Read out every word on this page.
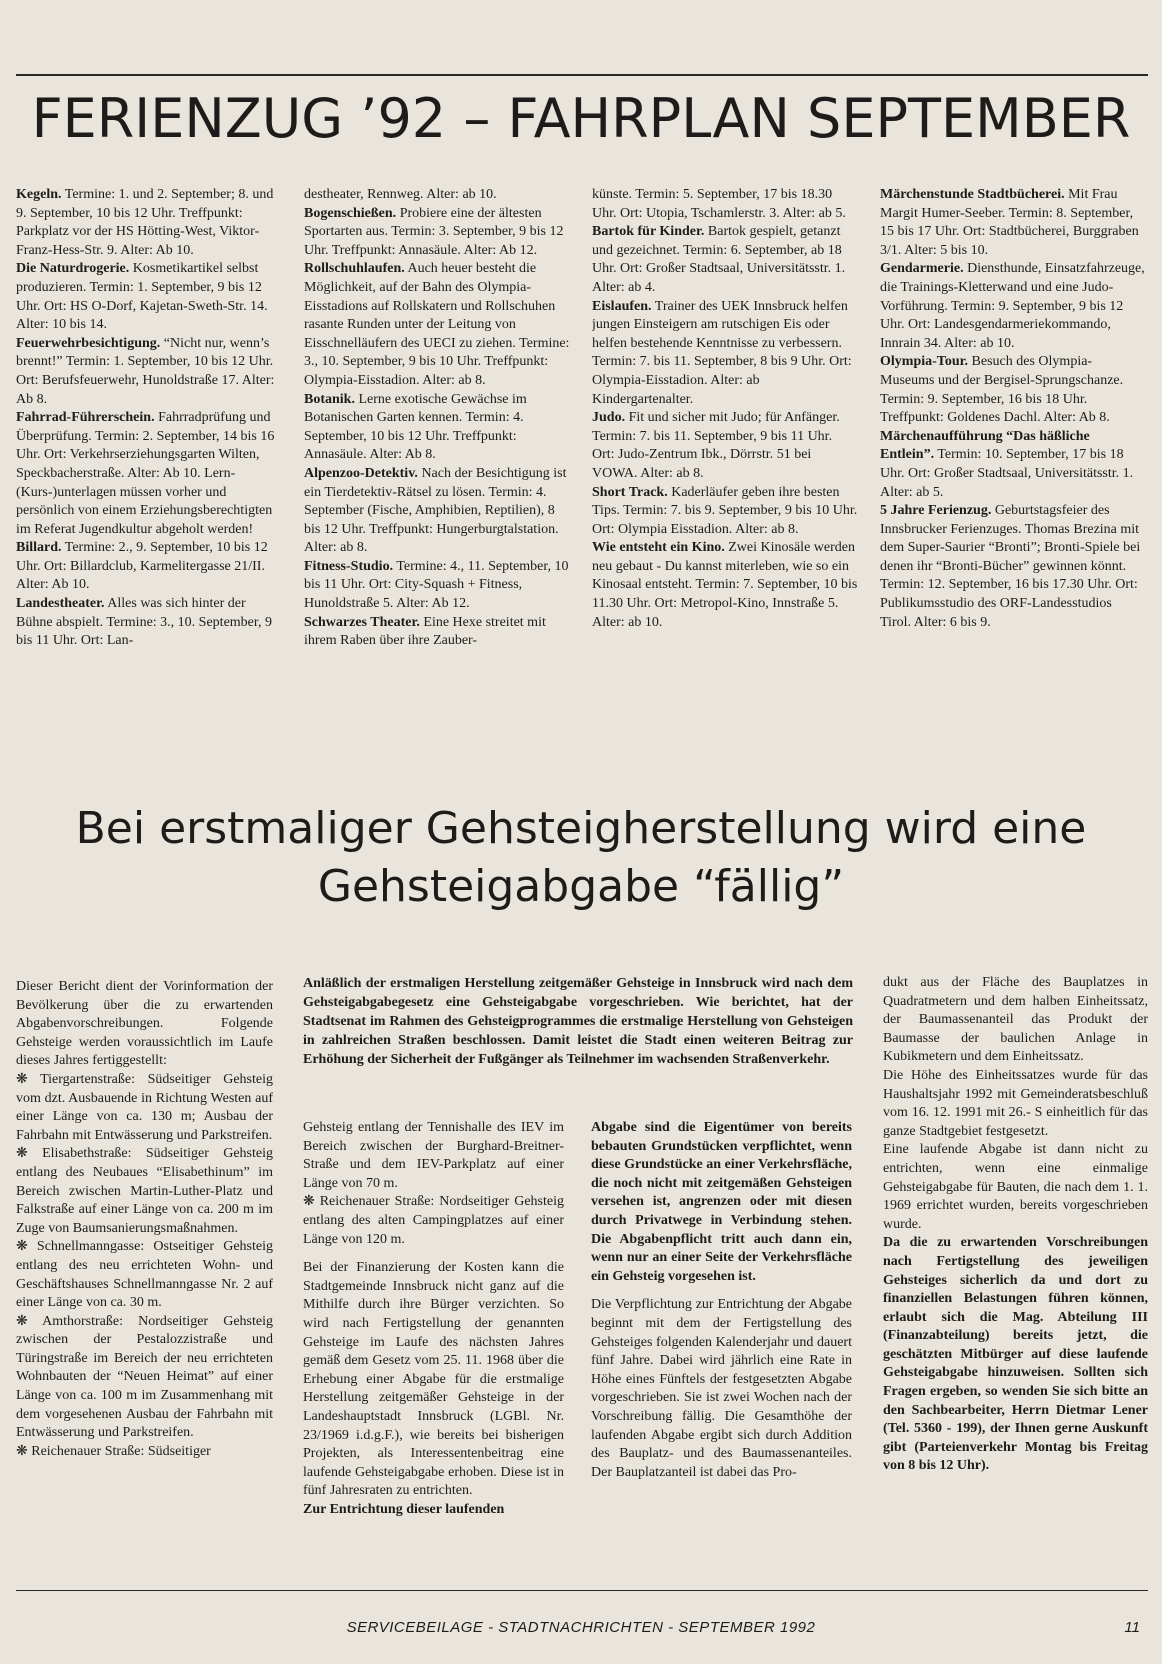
FERIENZUG ’92 – FAHRPLAN SEPTEMBER

Kegeln. Termine: 1. und 2. September; 8. und 9. September, 10 bis 12 Uhr. Treffpunkt: Parkplatz vor der HS Hötting-West, Viktor-Franz-Hess-Str. 9. Alter: Ab 10.

Die Naturdrogerie. Kosmetikartikel selbst produzieren. Termin: 1. September, 9 bis 12 Uhr. Ort: HS O-Dorf, Kajetan-Sweth-Str. 14. Alter: 10 bis 14.

Feuerwehrbesichtigung. “Nicht nur, wenn’s brennt!” Termin: 1. September, 10 bis 12 Uhr. Ort: Berufsfeuerwehr, Hunoldstraße 17. Alter: Ab 8.

Fahrrad-Führerschein. Fahrradprüfung und Überprüfung. Termin: 2. September, 14 bis 16 Uhr. Ort: Verkehrserziehungsgarten Wilten, Speckbacherstraße. Alter: Ab 10. Lern-(Kurs-)unterlagen müssen vorher und persönlich von einem Erziehungsberechtigten im Referat Jugendkultur abgeholt werden!

Billard. Termine: 2., 9. September, 10 bis 12 Uhr. Ort: Billardclub, Karmelitergasse 21/II. Alter: Ab 10.

Landestheater. Alles was sich hinter der Bühne abspielt. Termine: 3., 10. September, 9 bis 11 Uhr. Ort: Lan-

destheater, Rennweg. Alter: ab 10.

Bogenschießen. Probiere eine der ältesten Sportarten aus. Termin: 3. September, 9 bis 12 Uhr. Treffpunkt: Annasäule. Alter: Ab 12.

Rollschuhlaufen. Auch heuer besteht die Möglichkeit, auf der Bahn des Olympia-Eisstadions auf Rollskatern und Rollschuhen rasante Runden unter der Leitung von Eisschnelläufern des UECI zu ziehen. Termine: 3., 10. September, 9 bis 10 Uhr. Treffpunkt: Olympia-Eisstadion. Alter: ab 8.

Botanik. Lerne exotische Gewächse im Botanischen Garten kennen. Termin: 4. September, 10 bis 12 Uhr. Treffpunkt: Annasäule. Alter: Ab 8.

Alpenzoo-Detektiv. Nach der Besichtigung ist ein Tierdetektiv-Rätsel zu lösen. Termin: 4. September (Fische, Amphibien, Reptilien), 8 bis 12 Uhr. Treffpunkt: Hungerburgtalstation. Alter: ab 8.

Fitness-Studio. Termine: 4., 11. September, 10 bis 11 Uhr. Ort: City-Squash + Fitness, Hunoldstraße 5. Alter: Ab 12.

Schwarzes Theater. Eine Hexe streitet mit ihrem Raben über ihre Zauber-

künste. Termin: 5. September, 17 bis 18.30 Uhr. Ort: Utopia, Tschamlerstr. 3. Alter: ab 5.

Bartok für Kinder. Bartok gespielt, getanzt und gezeichnet. Termin: 6. September, ab 18 Uhr. Ort: Großer Stadtsaal, Universitätsstr. 1. Alter: ab 4.

Eislaufen. Trainer des UEK Innsbruck helfen jungen Einsteigern am rutschigen Eis oder helfen bestehende Kenntnisse zu verbessern. Termin: 7. bis 11. September, 8 bis 9 Uhr. Ort: Olympia-Eisstadion. Alter: ab Kindergartenalter.

Judo. Fit und sicher mit Judo; für Anfänger. Termin: 7. bis 11. September, 9 bis 11 Uhr. Ort: Judo-Zentrum Ibk., Dörrstr. 51 bei VOWA. Alter: ab 8.

Short Track. Kaderläufer geben ihre besten Tips. Termin: 7. bis 9. September, 9 bis 10 Uhr. Ort: Olympia Eisstadion. Alter: ab 8.

Wie entsteht ein Kino. Zwei Kinosäle werden neu gebaut - Du kannst miterleben, wie so ein Kinosaal entsteht. Termin: 7. September, 10 bis 11.30 Uhr. Ort: Metropol-Kino, Innstraße 5. Alter: ab 10.

Märchenstunde Stadtbücherei. Mit Frau Margit Humer-Seeber. Termin: 8. September, 15 bis 17 Uhr. Ort: Stadtbücherei, Burggraben 3/1. Alter: 5 bis 10.

Gendarmerie. Diensthunde, Einsatzfahrzeuge, die Trainings-Kletterwand und eine Judo-Vorführung. Termin: 9. September, 9 bis 12 Uhr. Ort: Landesgendarmeriekommando, Innrain 34. Alter: ab 10.

Olympia-Tour. Besuch des Olympia-Museums und der Bergisel-Sprungschanze. Termin: 9. September, 16 bis 18 Uhr. Treffpunkt: Goldenes Dachl. Alter: Ab 8.

Märchenaufführung “Das häßliche Entlein”. Termin: 10. September, 17 bis 18 Uhr. Ort: Großer Stadtsaal, Universitätsstr. 1. Alter: ab 5.

5 Jahre Ferienzug. Geburtstagsfeier des Innsbrucker Ferienzuges. Thomas Brezina mit dem Super-Saurier “Bronti”; Bronti-Spiele bei denen ihr “Bronti-Bücher” gewinnen könnt. Termin: 12. September, 16 bis 17.30 Uhr. Ort: Publikumsstudio des ORF-Landesstudios Tirol. Alter: 6 bis 9.

Bei erstmaliger Gehsteigherstellung wird eine Gehsteigabgabe “fällig”

Dieser Bericht dient der Vorinformation der Bevölkerung über die zu erwartenden Abgabenvorschreibungen. Folgende Gehsteige werden voraussichtlich im Laufe dieses Jahres fertiggestellt:

❋ Tiergartenstraße: Südseitiger Gehsteig vom dzt. Ausbauende in Richtung Westen auf einer Länge von ca. 130 m; Ausbau der Fahrbahn mit Entwässerung und Parkstreifen.

❋ Elisabethstraße: Südseitiger Gehsteig entlang des Neubaues “Elisabethinum” im Bereich zwischen Martin-Luther-Platz und Falkstraße auf einer Länge von ca. 200 m im Zuge von Baumsanierungsmaßnahmen.

❋ Schnellmanngasse: Ostseitiger Gehsteig entlang des neu errichteten Wohn- und Geschäftshauses Schnellmanngasse Nr. 2 auf einer Länge von ca. 30 m.

❋ Amthorstraße: Nordseitiger Gehsteig zwischen der Pestalozzistraße und Türingstraße im Bereich der neu errichteten Wohnbauten der “Neuen Heimat” auf einer Länge von ca. 100 m im Zusammenhang mit dem vorgesehenen Ausbau der Fahrbahn mit Entwässerung und Parkstreifen.

❋ Reichenauer Straße: Südseitiger

Anläßlich der erstmaligen Herstellung zeitgemäßer Gehsteige in Innsbruck wird nach dem Gehsteigabgabegesetz eine Gehsteigabgabe vorgeschrieben. Wie berichtet, hat der Stadtsenat im Rahmen des Gehsteigprogrammes die erstmalige Herstellung von Gehsteigen in zahlreichen Straßen beschlossen. Damit leistet die Stadt einen weiteren Beitrag zur Erhöhung der Sicherheit der Fußgänger als Teilnehmer im wachsenden Straßenverkehr.

Gehsteig entlang der Tennishalle des IEV im Bereich zwischen der Burghard-Breitner-Straße und dem IEV-Parkplatz auf einer Länge von 70 m.

❋ Reichenauer Straße: Nordseitiger Gehsteig entlang des alten Campingplatzes auf einer Länge von 120 m.

Bei der Finanzierung der Kosten kann die Stadtgemeinde Innsbruck nicht ganz auf die Mithilfe durch ihre Bürger verzichten. So wird nach Fertigstellung der genannten Gehsteige im Laufe des nächsten Jahres gemäß dem Gesetz vom 25. 11. 1968 über die Erhebung einer Abgabe für die erstmalige Herstellung zeitgemäßer Gehsteige in der Landeshauptstadt Innsbruck (LGBl. Nr. 23/1969 i.d.g.F.), wie bereits bei bisherigen Projekten, als Interessentenbeitrag eine laufende Gehsteigabgabe erhoben. Diese ist in fünf Jahresraten zu entrichten.

Zur Entrichtung dieser laufenden

Abgabe sind die Eigentümer von bereits bebauten Grundstücken verpflichtet, wenn diese Grundstücke an einer Verkehrsfläche, die noch nicht mit zeitgemäßen Gehsteigen versehen ist, angrenzen oder mit diesen durch Privatwege in Verbindung stehen. Die Abgabenpflicht tritt auch dann ein, wenn nur an einer Seite der Verkehrsfläche ein Gehsteig vorgesehen ist.

Die Verpflichtung zur Entrichtung der Abgabe beginnt mit dem der Fertigstellung des Gehsteiges folgenden Kalenderjahr und dauert fünf Jahre. Dabei wird jährlich eine Rate in Höhe eines Fünftels der festgesetzten Abgabe vorgeschrieben. Sie ist zwei Wochen nach der Vorschreibung fällig. Die Gesamthöhe der laufenden Abgabe ergibt sich durch Addition des Bauplatz- und des Baumassenanteiles. Der Bauplatzanteil ist dabei das Pro-

dukt aus der Fläche des Bauplatzes in Quadratmetern und dem halben Einheitssatz, der Baumassenanteil das Produkt der Baumasse der baulichen Anlage in Kubikmetern und dem Einheitssatz.

Die Höhe des Einheitssatzes wurde für das Haushaltsjahr 1992 mit Gemeinderatsbeschluß vom 16. 12. 1991 mit 26.- S einheitlich für das ganze Stadtgebiet festgesetzt.

Eine laufende Abgabe ist dann nicht zu entrichten, wenn eine einmalige Gehsteigabgabe für Bauten, die nach dem 1. 1. 1969 errichtet wurden, bereits vorgeschrieben wurde.

Da die zu erwartenden Vorschreibungen nach Fertigstellung des jeweiligen Gehsteiges sicherlich da und dort zu finanziellen Belastungen führen können, erlaubt sich die Mag. Abteilung III (Finanzabteilung) bereits jetzt, die geschätzten Mitbürger auf diese laufende Gehsteigabgabe hinzuweisen. Sollten sich Fragen ergeben, so wenden Sie sich bitte an den Sachbearbeiter, Herrn Dietmar Lener (Tel. 5360 - 199), der Ihnen gerne Auskunft gibt (Parteienverkehr Montag bis Freitag von 8 bis 12 Uhr).

SERVICEBEILAGE - STADTNACHRICHTEN - SEPTEMBER 1992	11
